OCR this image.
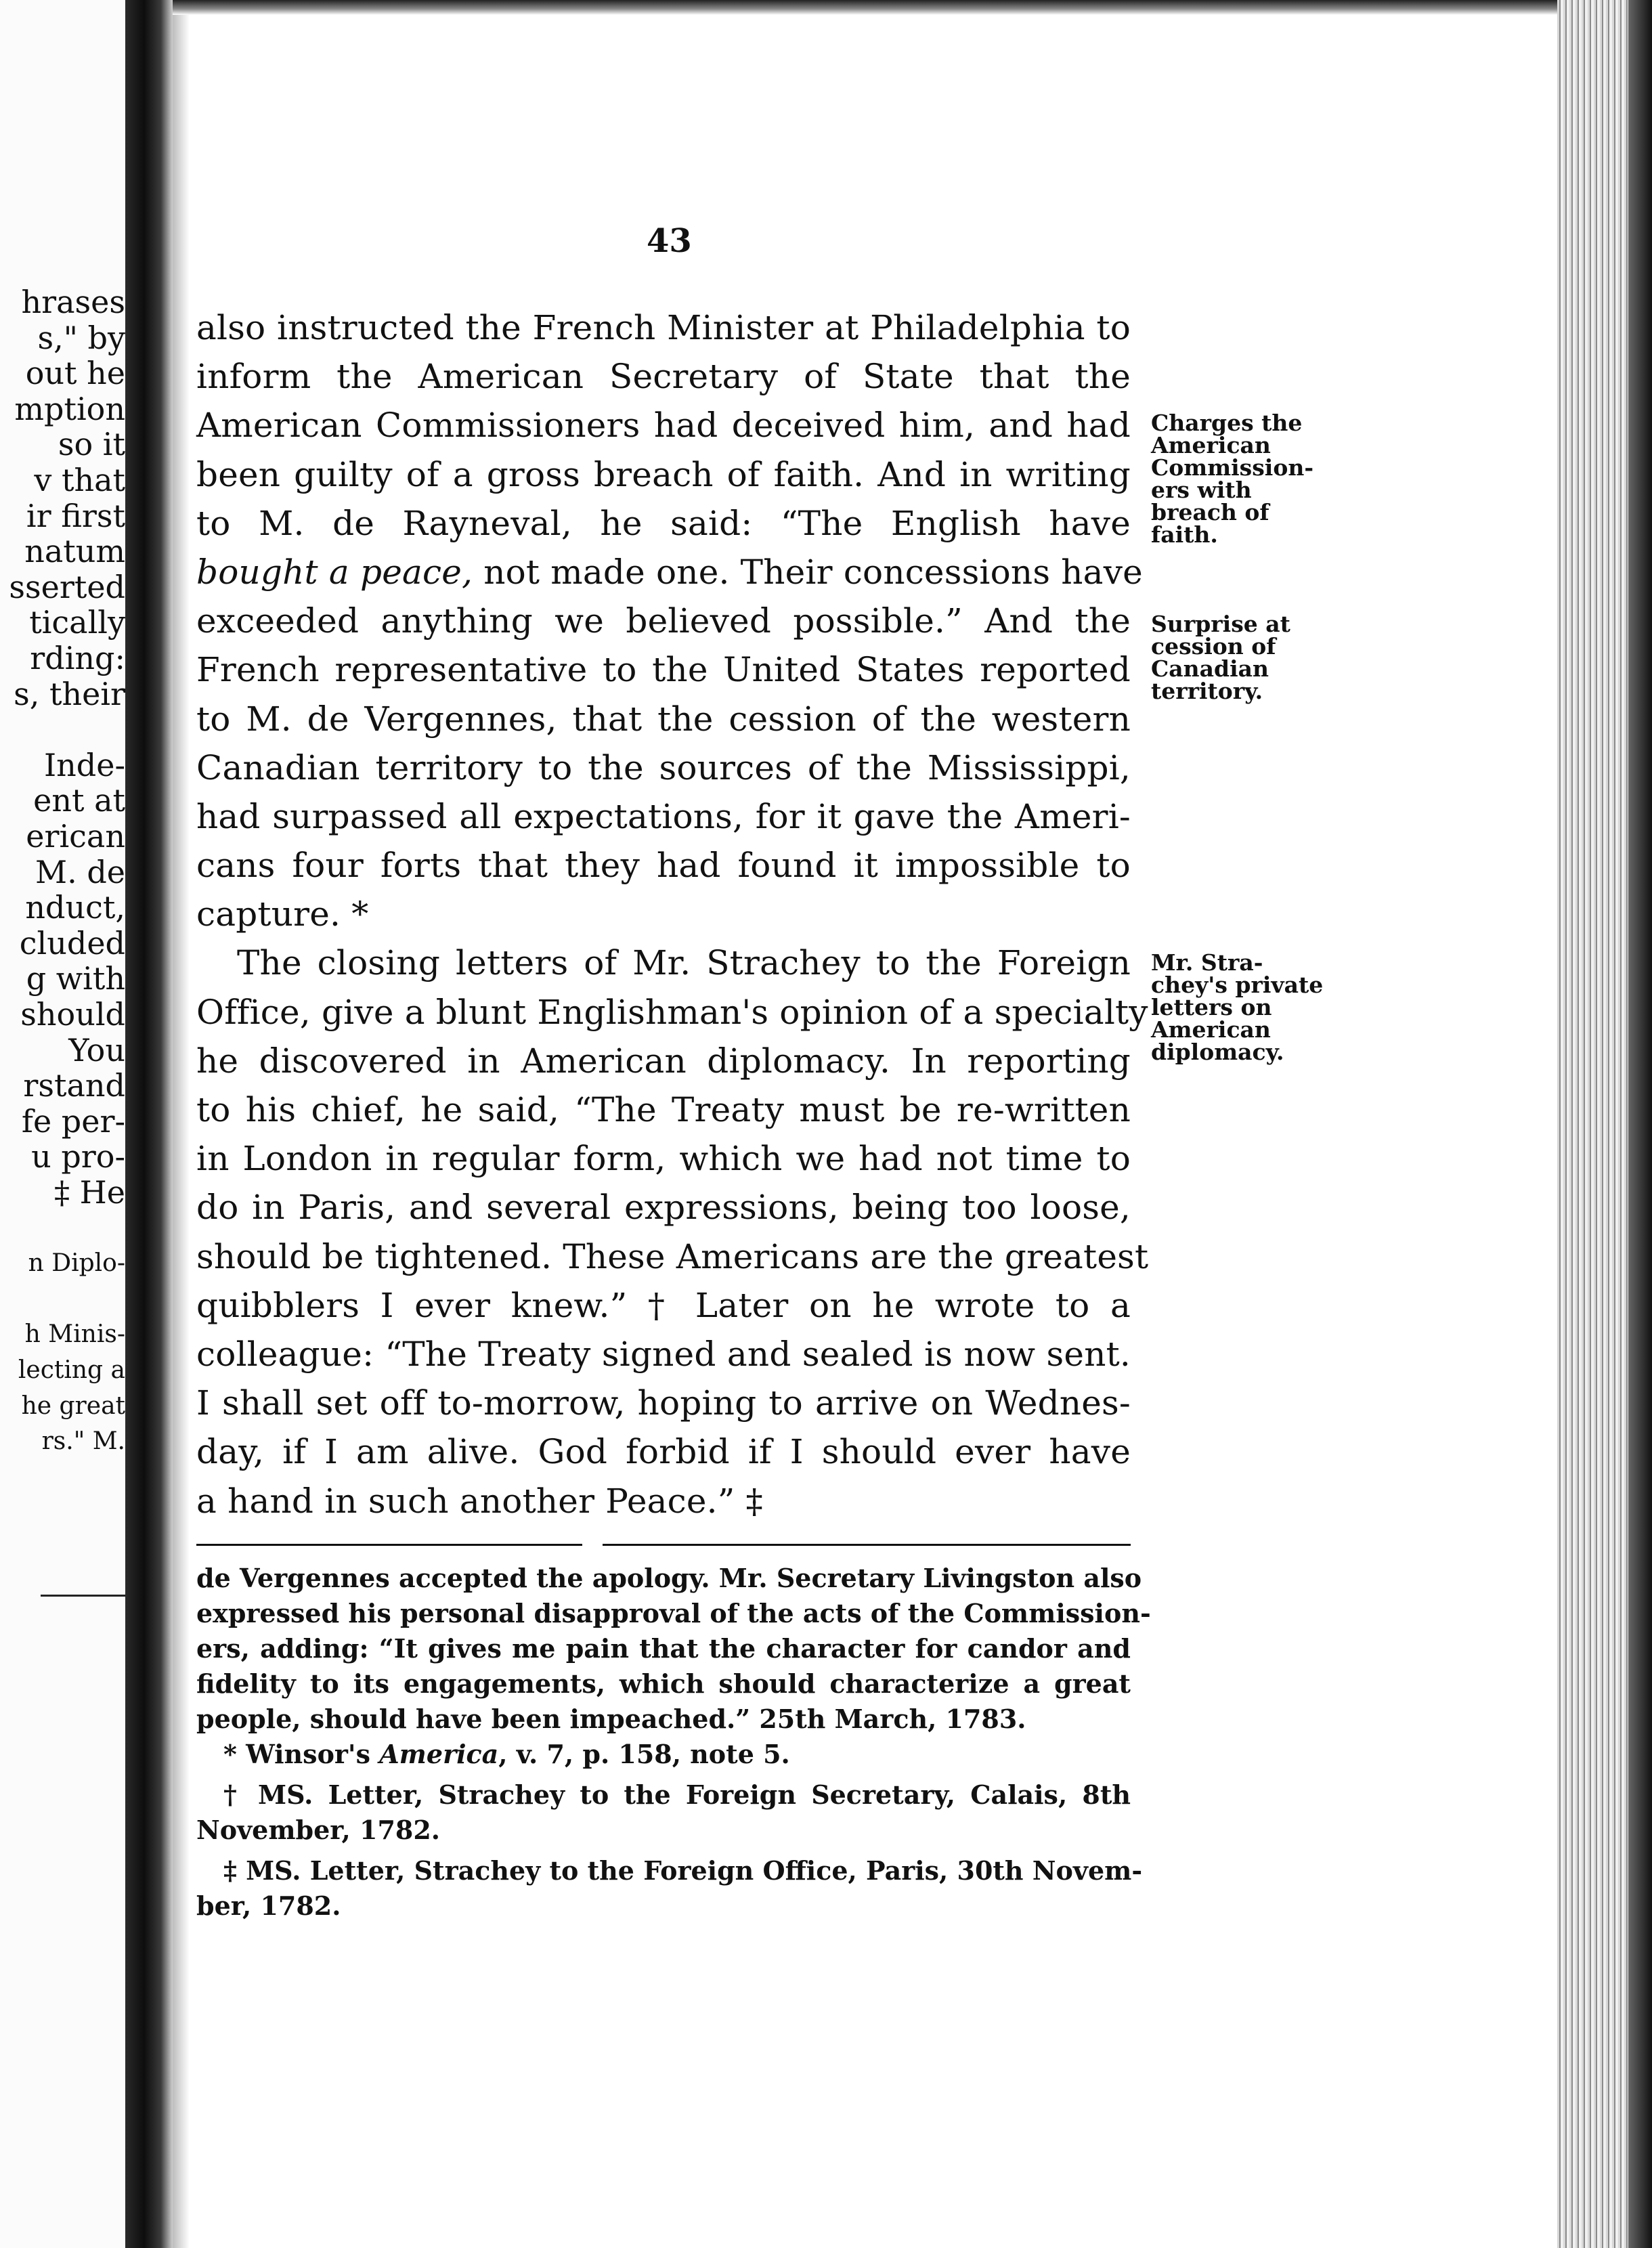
hrases
s," by
out he
mption
so it
v that
ir first
natum
sserted
tically
rding:
s, their
Inde-
ent at
erican
M. de
nduct,
cluded
g with
should
You
rstand
fe per-
u pro-
‡ He
n Diplo-
h Minis-
lecting a
he great
rs." M.
43
also instructed the French Minister at Philadelphia to
inform the American Secretary of State that the
American Commissioners had deceived him, and had
been guilty of a gross breach of faith. And in writing
to M. de Rayneval, he said: “The English have
bought a peace, not made one. Their concessions have
exceeded anything we believed possible.” And the
French representative to the United States reported
to M. de Vergennes, that the cession of the western
Canadian territory to the sources of the Mississippi,
had surpassed all expectations, for it gave the Ameri-
cans four forts that they had found it impossible to
capture. *
The closing letters of Mr. Strachey to the Foreign
Office, give a blunt Englishman's opinion of a specialty
he discovered in American diplomacy. In reporting
to his chief, he said, “The Treaty must be re-written
in London in regular form, which we had not time to
do in Paris, and several expressions, being too loose,
should be tightened. These Americans are the greatest
quibblers I ever knew.” † Later on he wrote to a
colleague: “The Treaty signed and sealed is now sent.
I shall set off to-morrow, hoping to arrive on Wednes-
day, if I am alive. God forbid if I should ever have
a hand in such another Peace.” ‡
Charges the
American
Commission-
ers with
breach of
faith.
Surprise at
cession of
Canadian
territory.
Mr. Stra-
chey's private
letters on
American
diplomacy.
de Vergennes accepted the apology. Mr. Secretary Livingston also
expressed his personal disapproval of the acts of the Commission-
ers, adding: “It gives me pain that the character for candor and
fidelity to its engagements, which should characterize a great
people, should have been impeached.” 25th March, 1783.
* Winsor's America, v. 7, p. 158, note 5.
† MS. Letter, Strachey to the Foreign Secretary, Calais, 8th
November, 1782.
‡ MS. Letter, Strachey to the Foreign Office, Paris, 30th Novem-
ber, 1782.
